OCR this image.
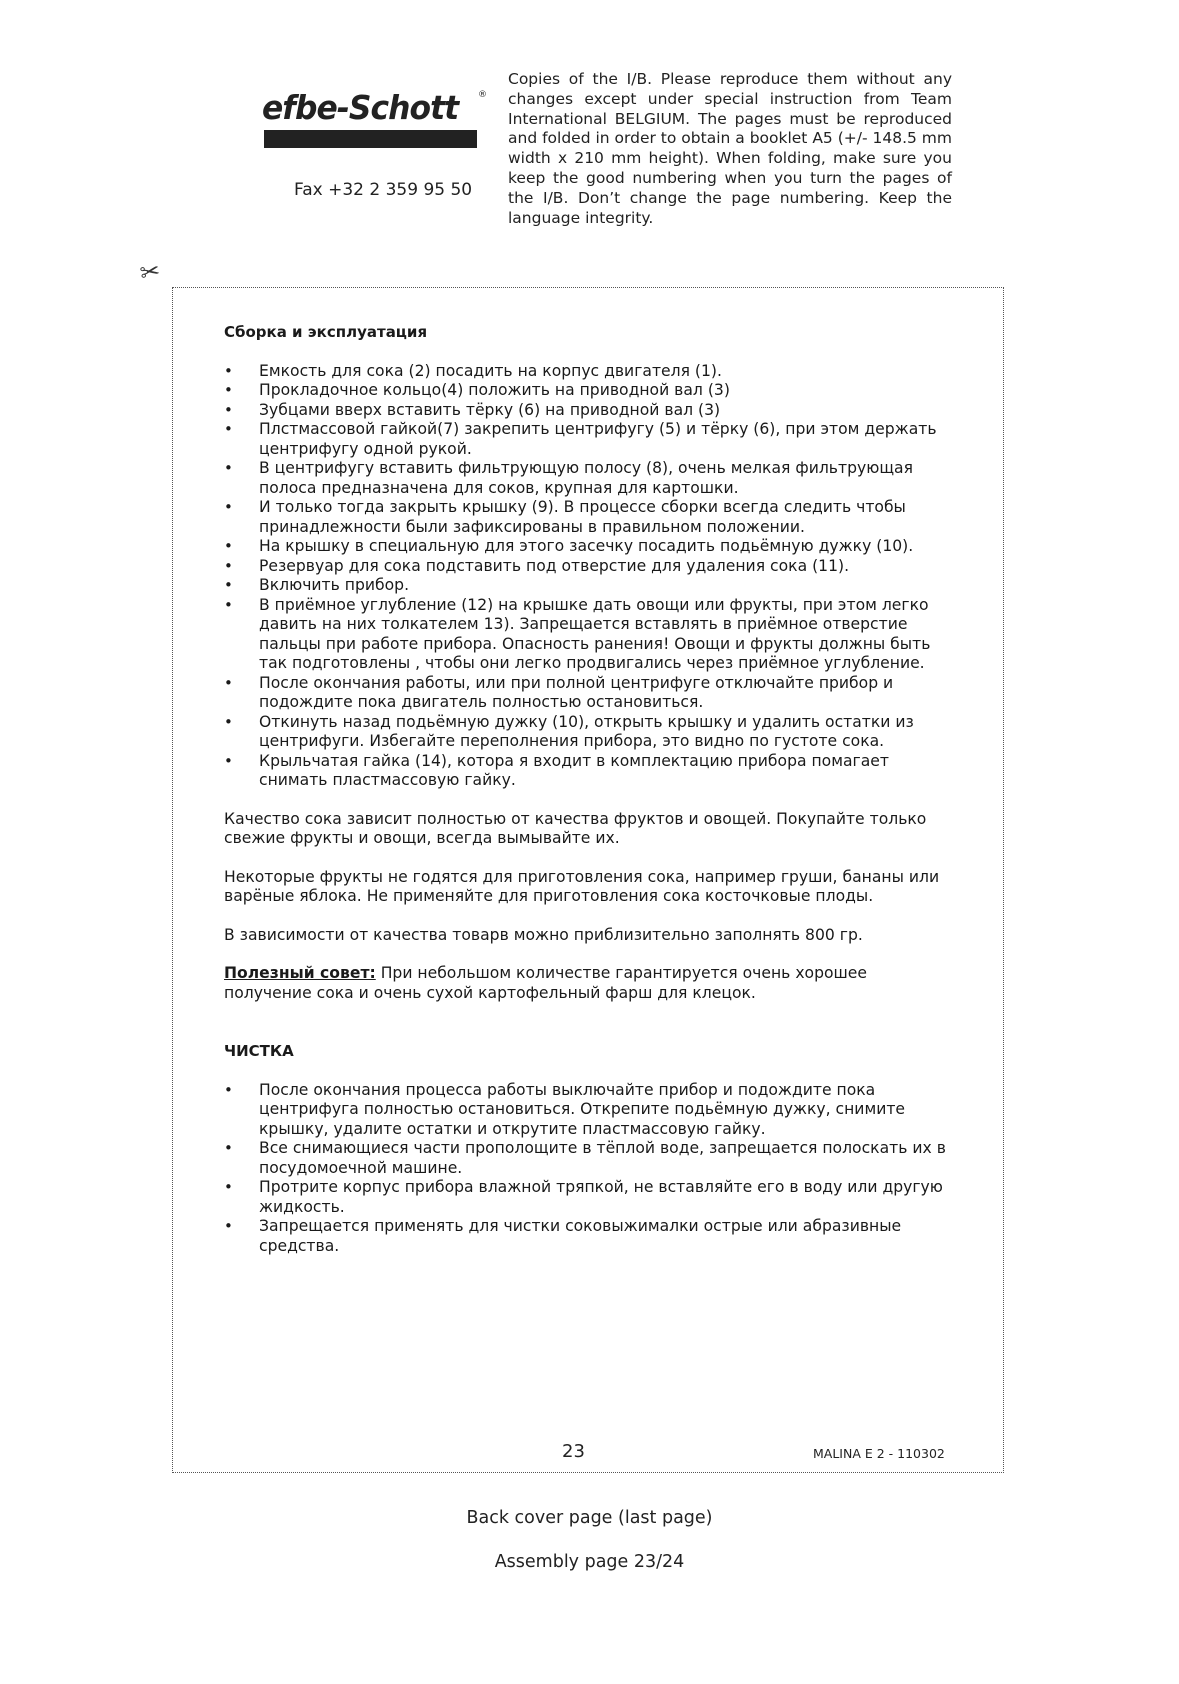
efbe-Schott	®
Fax +32 2 359 95 50
Copies of the I/B. Please reproduce them without any changes except under special instruction from Team International BELGIUM. The pages must be reproduced and folded in order to obtain a booklet A5 (+/- 148.5 mm width x 210 mm height). When folding, make sure you keep the good numbering when you turn the pages of the I/B. Don’t change the page numbering. Keep the language integrity.
✂
Сборка и эксплуатация
• Емкость для сока (2) посадить на корпус двигателя (1).
• Прокладочное кольцо(4) положить на приводной вал (3)
• Зубцами вверх вставить тёрку (6) на приводной вал (3)
• Плстмассовой гайкой(7) закрепить центрифугу (5) и тёрку (6), при этом держать центрифугу одной рукой.
• В центрифугу вставить фильтрующую полосу (8), очень мелкая фильтрующая полоса предназначена для соков, крупная для картошки.
• И только тогда закрыть крышку (9). В процессе сборки всегда следить чтобы принадлежности были зафиксированы в правильном положении.
• На крышку в специальную для этого засечку посадить подьёмную дужку (10).
• Резервуар для сока подставить под отверстие для удаления сока (11).
• Включить прибор.
• В приёмное углубление (12) на крышке дать овощи или фрукты, при этом легко давить на них толкателем 13). Запрещается вставлять в приёмное отверстие пальцы при работе прибора. Опасность ранения! Овощи и фрукты должны быть так подготовлены , чтобы они легко продвигались через приёмное углубление.
• После окончания работы, или при полной центрифуге отключайте прибор и подождите пока двигатель полностью остановиться.
• Откинуть назад подьёмную дужку (10), открыть крышку и удалить остатки из центрифуги. Избегайте переполнения прибора, это видно по густоте сока.
• Крыльчатая гайка (14), котора я входит в комплектацию прибора помагает снимать пластмассовую гайку.

Качество сока зависит полностью от качества фруктов и овощей. Покупайте только свежие фрукты и овощи, всегда вымывайте их.

Некоторые фрукты не годятся для приготовления сока, например груши, бананы или варёные яблока. Не применяйте для приготовления сока косточковые плоды.

В зависимости от качества товарв можно приблизительно заполнять 800 гр.

Полезный совет: При небольшом количестве гарантируется очень хорошее получение сока и очень сухой картофельный фарш для клецок.

ЧИСТКА
• После окончания процесса работы выключайте прибор и подождите пока центрифуга полностью остановиться. Открепите подьёмную дужку, снимите крышку, удалите остатки и открутите пластмассовую гайку.
• Все снимающиеся части прополощите в тёплой воде, запрещается полоскать их в посудомоечной машине.
• Протрите корпус прибора влажной тряпкой, не вставляйте его в воду или другую жидкость.
• Запрещается применять для чистки соковыжималки острые или абразивные средства.
23	MALINA E 2 - 110302
Back cover page (last page)
Assembly page 23/24
